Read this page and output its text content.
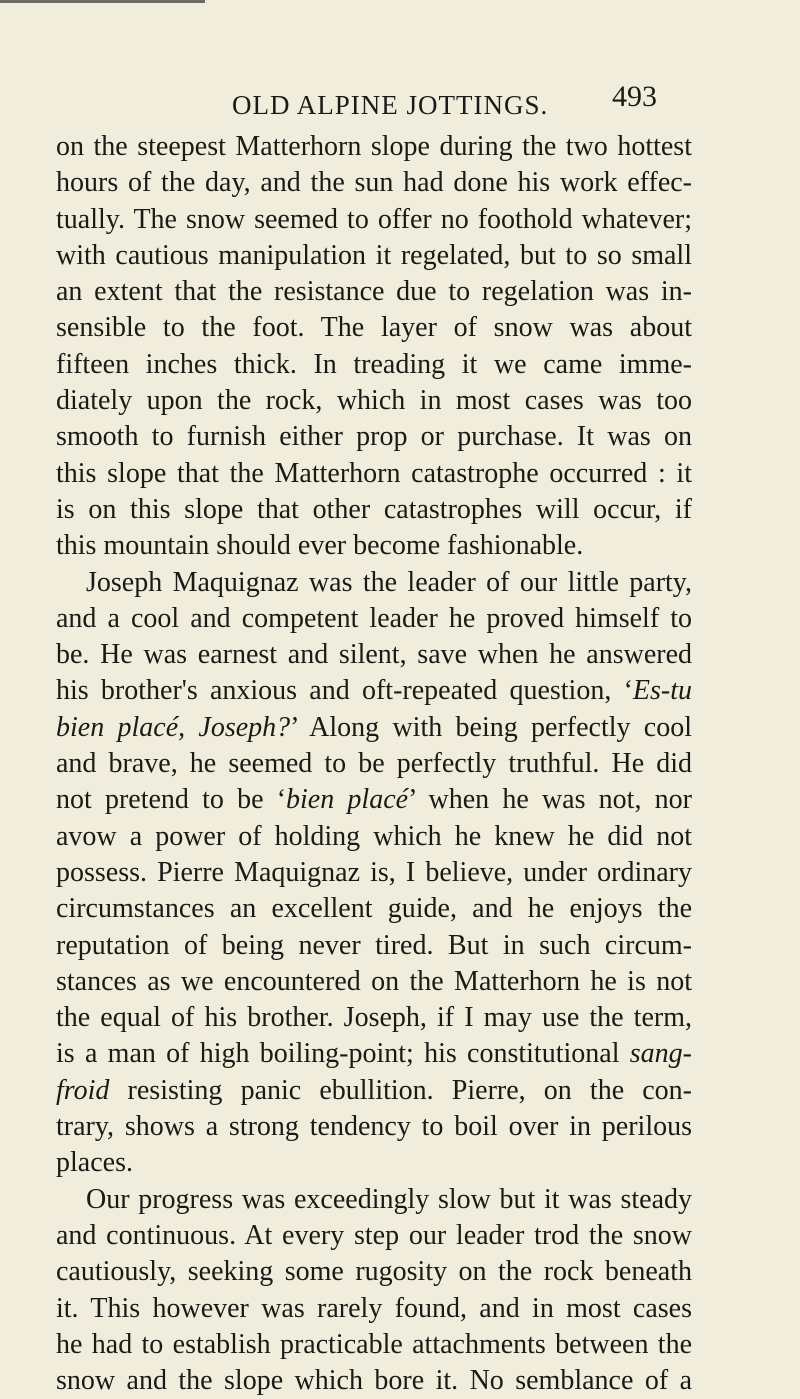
OLD ALPINE JOTTINGS. 493
on the steepest Matterhorn slope during the two hottest
hours of the day, and the sun had done his work effec-
tually. The snow seemed to offer no foothold whatever;
with cautious manipulation it regelated, but to so small
an extent that the resistance due to regelation was in-
sensible to the foot. The layer of snow was about
fifteen inches thick. In treading it we came imme-
diately upon the rock, which in most cases was too
smooth to furnish either prop or purchase. It was on
this slope that the Matterhorn catastrophe occurred : it
is on this slope that other catastrophes will occur, if
this mountain should ever become fashionable.
Joseph Maquignaz was the leader of our little party,
and a cool and competent leader he proved himself to
be. He was earnest and silent, save when he answered
his brother's anxious and oft-repeated question, ‘Es-tu
bien placé, Joseph?’ Along with being perfectly cool
and brave, he seemed to be perfectly truthful. He did
not pretend to be ‘bien placé’ when he was not, nor
avow a power of holding which he knew he did not
possess. Pierre Maquignaz is, I believe, under ordinary
circumstances an excellent guide, and he enjoys the
reputation of being never tired. But in such circum-
stances as we encountered on the Matterhorn he is not
the equal of his brother. Joseph, if I may use the term,
is a man of high boiling-point; his constitutional sang-
froid resisting panic ebullition. Pierre, on the con-
trary, shows a strong tendency to boil over in perilous
places.
Our progress was exceedingly slow but it was steady
and continuous. At every step our leader trod the snow
cautiously, seeking some rugosity on the rock beneath
it. This however was rarely found, and in most cases
he had to establish practicable attachments between the
snow and the slope which bore it. No semblance of a
